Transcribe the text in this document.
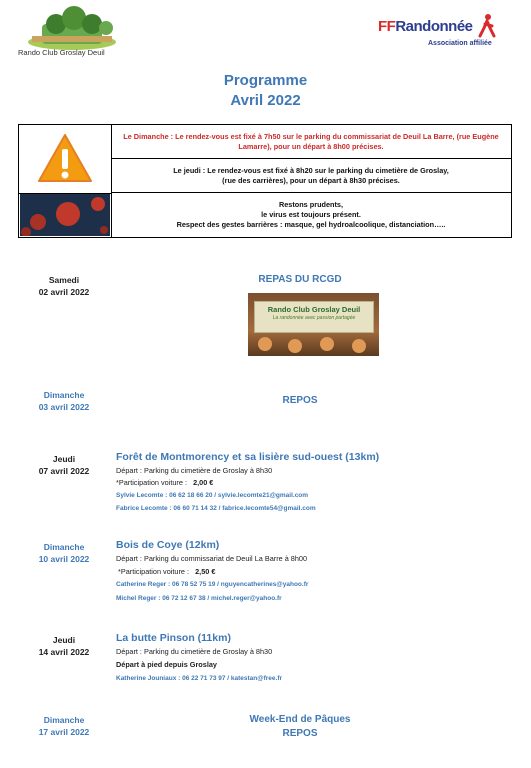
Rando Club Groslay Deuil
FFRandonnée
Association affiliée
Programme
Avril 2022
Le Dimanche : Le rendez-vous est fixé à 7h50 sur le parking du commissariat de Deuil La Barre, (rue Eugène Lamarre), pour un départ à 8h00 précises.
Le jeudi : Le rendez-vous est fixé à 8h20 sur le parking du cimetière de Groslay,
(rue des carrières), pour un départ à 8h30 précises.
Restons prudents,
le virus est toujours présent.
Respect des gestes barrières : masque, gel hydroalcoolique, distanciation…..
Samedi
02 avril 2022
REPAS DU RCGD
Rando Club Groslay Deuil
La randonnée avec passion partagée
Dimanche
03 avril 2022
REPOS
Jeudi
07 avril 2022
Forêt de Montmorency et sa lisière sud-ouest (13km)
Départ : Parking du cimetière de Groslay à 8h30
*Participation voiture : 2,00 €
Sylvie Lecomte : 06 62 18 66 20 / sylvie.lecomte21@gmail.com
Fabrice Lecomte : 06 60 71 14 32 / fabrice.lecomte54@gmail.com
Dimanche
10 avril 2022
Bois de Coye (12km)
Départ : Parking du commissariat de Deuil La Barre à 8h00
*Participation voiture : 2,50 €
Catherine Reger : 06 78 52 75 19 / nguyencatherines@yahoo.fr
Michel Reger : 06 72 12 67 38 / michel.reger@yahoo.fr
Jeudi
14 avril 2022
La butte Pinson (11km)
Départ : Parking du cimetière de Groslay à 8h30
Départ à pied depuis Groslay
Katherine Jouniaux : 06 22 71 73 97 / katestan@free.fr
Dimanche
17 avril 2022
Week-End de Pâques
REPOS
